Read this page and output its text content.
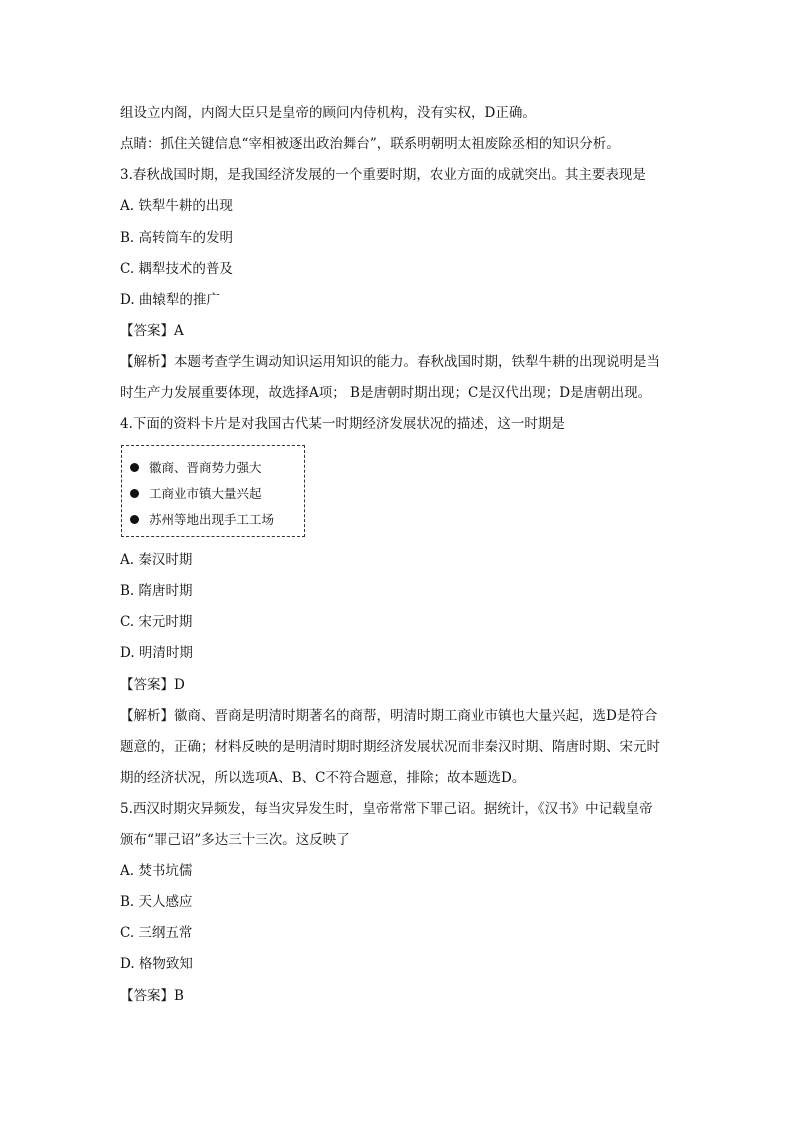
组设立内阁，内阁大臣只是皇帝的顾问内侍机构，没有实权，D正确。
点睛：抓住关键信息“宰相被逐出政治舞台”，联系明朝明太祖废除丞相的知识分析。
3.春秋战国时期，是我国经济发展的一个重要时期，农业方面的成就突出。其主要表现是
A. 铁犁牛耕的出现
B. 高转筒车的发明
C. 耦犁技术的普及
D. 曲辕犁的推广
【答案】A
【解析】本题考查学生调动知识运用知识的能力。春秋战国时期，铁犁牛耕的出现说明是当
时生产力发展重要体现，故选择A项； B是唐朝时期出现；C是汉代出现；D是唐朝出现。
4.下面的资料卡片是对我国古代某一时期经济发展状况的描述，这一时期是
徽商、晋商势力强大
工商业市镇大量兴起
苏州等地出现手工工场
A. 秦汉时期
B. 隋唐时期
C. 宋元时期
D. 明清时期
【答案】D
【解析】徽商、晋商是明清时期著名的商帮，明清时期工商业市镇也大量兴起，选D是符合
题意的，正确；材料反映的是明清时期时期经济发展状况而非秦汉时期、隋唐时期、宋元时
期的经济状况，所以选项A、B、C不符合题意，排除；故本题选D。
5.西汉时期灾异频发，每当灾异发生时，皇帝常常下罪己诏。据统计，《汉书》中记载皇帝
颁布“罪己诏”多达三十三次。这反映了
A. 焚书坑儒
B. 天人感应
C. 三纲五常
D. 格物致知
【答案】B
